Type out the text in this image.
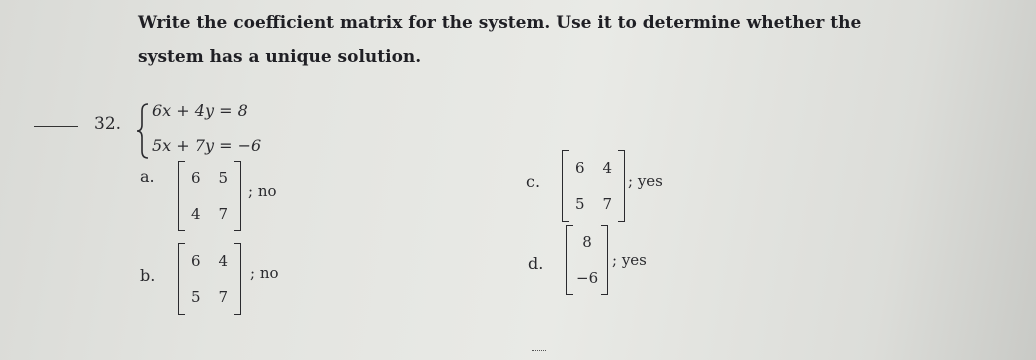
Write the coefficient matrix for the system. Use it to determine whether the system has a unique solution.
32.
6x + 4y = 8
5x + 7y = −6
a. 6 5
4 7
; no
b.
6 4
5 7
; no
c.
6 4
5 7
; yes
d.
8
−6
; yes
